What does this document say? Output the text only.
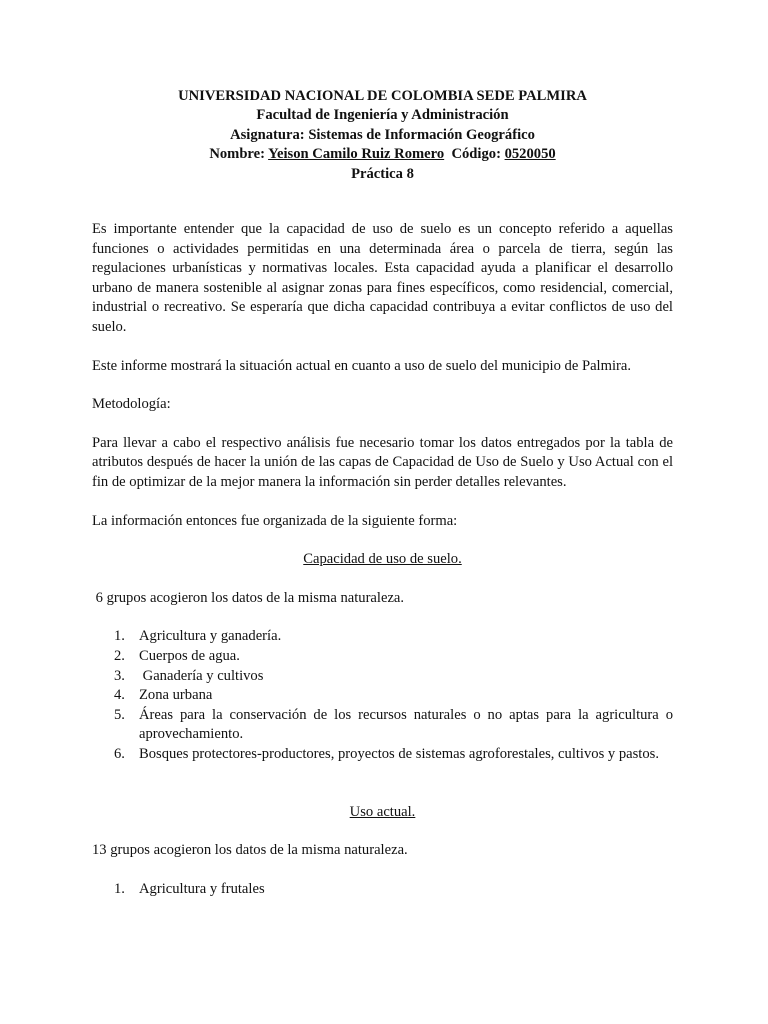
UNIVERSIDAD NACIONAL DE COLOMBIA SEDE PALMIRA
Facultad de Ingeniería y Administración
Asignatura: Sistemas de Información Geográfico
Nombre: Yeison Camilo Ruiz Romero Código: 0520050
Práctica 8

Es importante entender que la capacidad de uso de suelo es un concepto referido a aquellas funciones o actividades permitidas en una determinada área o parcela de tierra, según las regulaciones urbanísticas y normativas locales. Esta capacidad ayuda a planificar el desarrollo urbano de manera sostenible al asignar zonas para fines específicos, como residencial, comercial, industrial o recreativo. Se esperaría que dicha capacidad contribuya a evitar conflictos de uso del suelo.

Este informe mostrará la situación actual en cuanto a uso de suelo del municipio de Palmira.

Metodología:

Para llevar a cabo el respectivo análisis fue necesario tomar los datos entregados por la tabla de atributos después de hacer la unión de las capas de Capacidad de Uso de Suelo y Uso Actual con el fin de optimizar de la mejor manera la información sin perder detalles relevantes.

La información entonces fue organizada de la siguiente forma:

Capacidad de uso de suelo.

6 grupos acogieron los datos de la misma naturaleza.

1. Agricultura y ganadería.
2. Cuerpos de agua.
3. Ganadería y cultivos
4. Zona urbana
5. Áreas para la conservación de los recursos naturales o no aptas para la agricultura o aprovechamiento.
6. Bosques protectores-productores, proyectos de sistemas agroforestales, cultivos y pastos.

Uso actual.

13 grupos acogieron los datos de la misma naturaleza.

1. Agricultura y frutales
